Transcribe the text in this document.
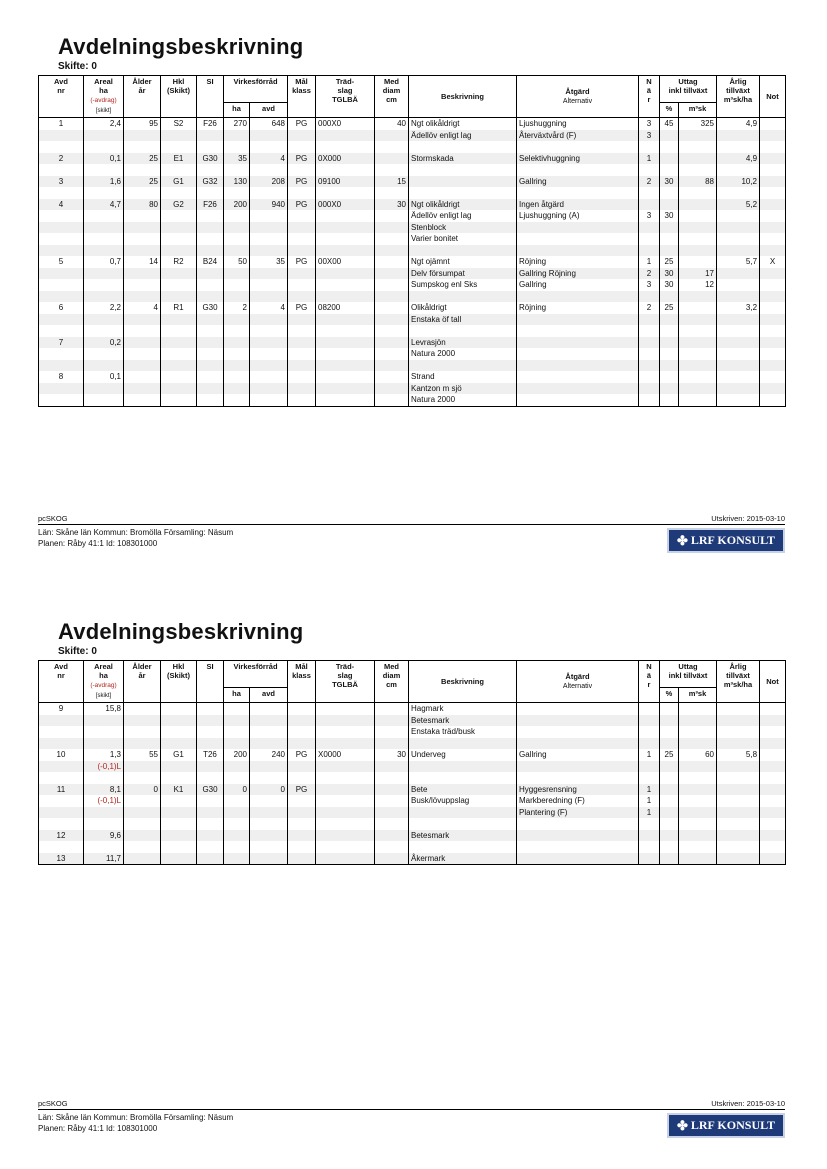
Avdelningsbeskrivning
Skifte: 0
Avd
nr	Areal
ha
(-avdrag)
[skikt]	Ålder
år	Hkl
(Skikt)	SI	Virkesförråd		Mål
klass	Träd-
slag
TGLBÄ	Med
diam
cm	Beskrivning	Åtgärd
Alternativ	N
ä
r	Uttag
inkl tillväxt		Årlig
tillväxt
m³sk/ha	Not
					ha	avd							%	m³sk		
1	2,4	95	S2	F26	270	648	PG	000X0	40	Ngt olikåldrigt	Ljushuggning	3	45	325	4,9	
										Ädellöv enligt lag	Återväxtvård (F)	3				

2	0,1	25	E1	G30	35	4	PG	0X000		Stormskada	Selektivhuggning	1			4,9	

3	1,6	25	G1	G32	130	208	PG	09100	15		Gallring	2	30	88	10,2	

4	4,7	80	G2	F26	200	940	PG	000X0	30	Ngt olikåldrigt	Ingen åtgärd				5,2	
										Ädellöv enligt lag	Ljushuggning (A)	3	30			
										Stenblock						
										Varier bonitet						

5	0,7	14	R2	B24	50	35	PG	00X00		Ngt ojämnt	Röjning	1	25		5,7	X
										Delv försumpat	Gallring Röjning	2	30	17		
										Sumpskog enl Sks	Gallring	3	30	12		

6	2,2	4	R1	G30	2	4	PG	08200		Olikåldrigt	Röjning	2	25		3,2	
										Enstaka öf tall						

7	0,2									Levrasjön						
										Natura 2000						

8	0,1									Strand						
										Kantzon m sjö						
										Natura 2000						
pcSKOG	Utskriven: 2015-03-10
Län: Skåne län Kommun: Bromölla Församling: Näsum
Planen: Råby 41:1 Id: 108301000	✤ LRF KONSULT
Avdelningsbeskrivning
Skifte: 0
Avd
nr	Areal
ha
(-avdrag)
[skikt]	Ålder
år	Hkl
(Skikt)	SI	Virkesförråd		Mål
klass	Träd-
slag
TGLBÄ	Med
diam
cm	Beskrivning	Åtgärd
Alternativ	N
ä
r	Uttag
inkl tillväxt		Årlig
tillväxt
m³sk/ha	Not
					ha	avd							%	m³sk		
9	15,8									Hagmark						
										Betesmark						
										Enstaka träd/busk						

10	1,3	55	G1	T26	200	240	PG	X0000	30	Underveg	Gallring	1	25	60	5,8	
	(-0,1)L															

11	8,1	0	K1	G30	0	0	PG			Bete	Hyggesrensning	1				
	(-0,1)L									Busk/lövuppslag	Markberedning (F)	1				
											Plantering (F)	1				

12	9,6									Betesmark						

13	11,7									Åkermark						
pcSKOG	Utskriven: 2015-03-10
Län: Skåne län Kommun: Bromölla Församling: Näsum
Planen: Råby 41:1 Id: 108301000	✤ LRF KONSULT
